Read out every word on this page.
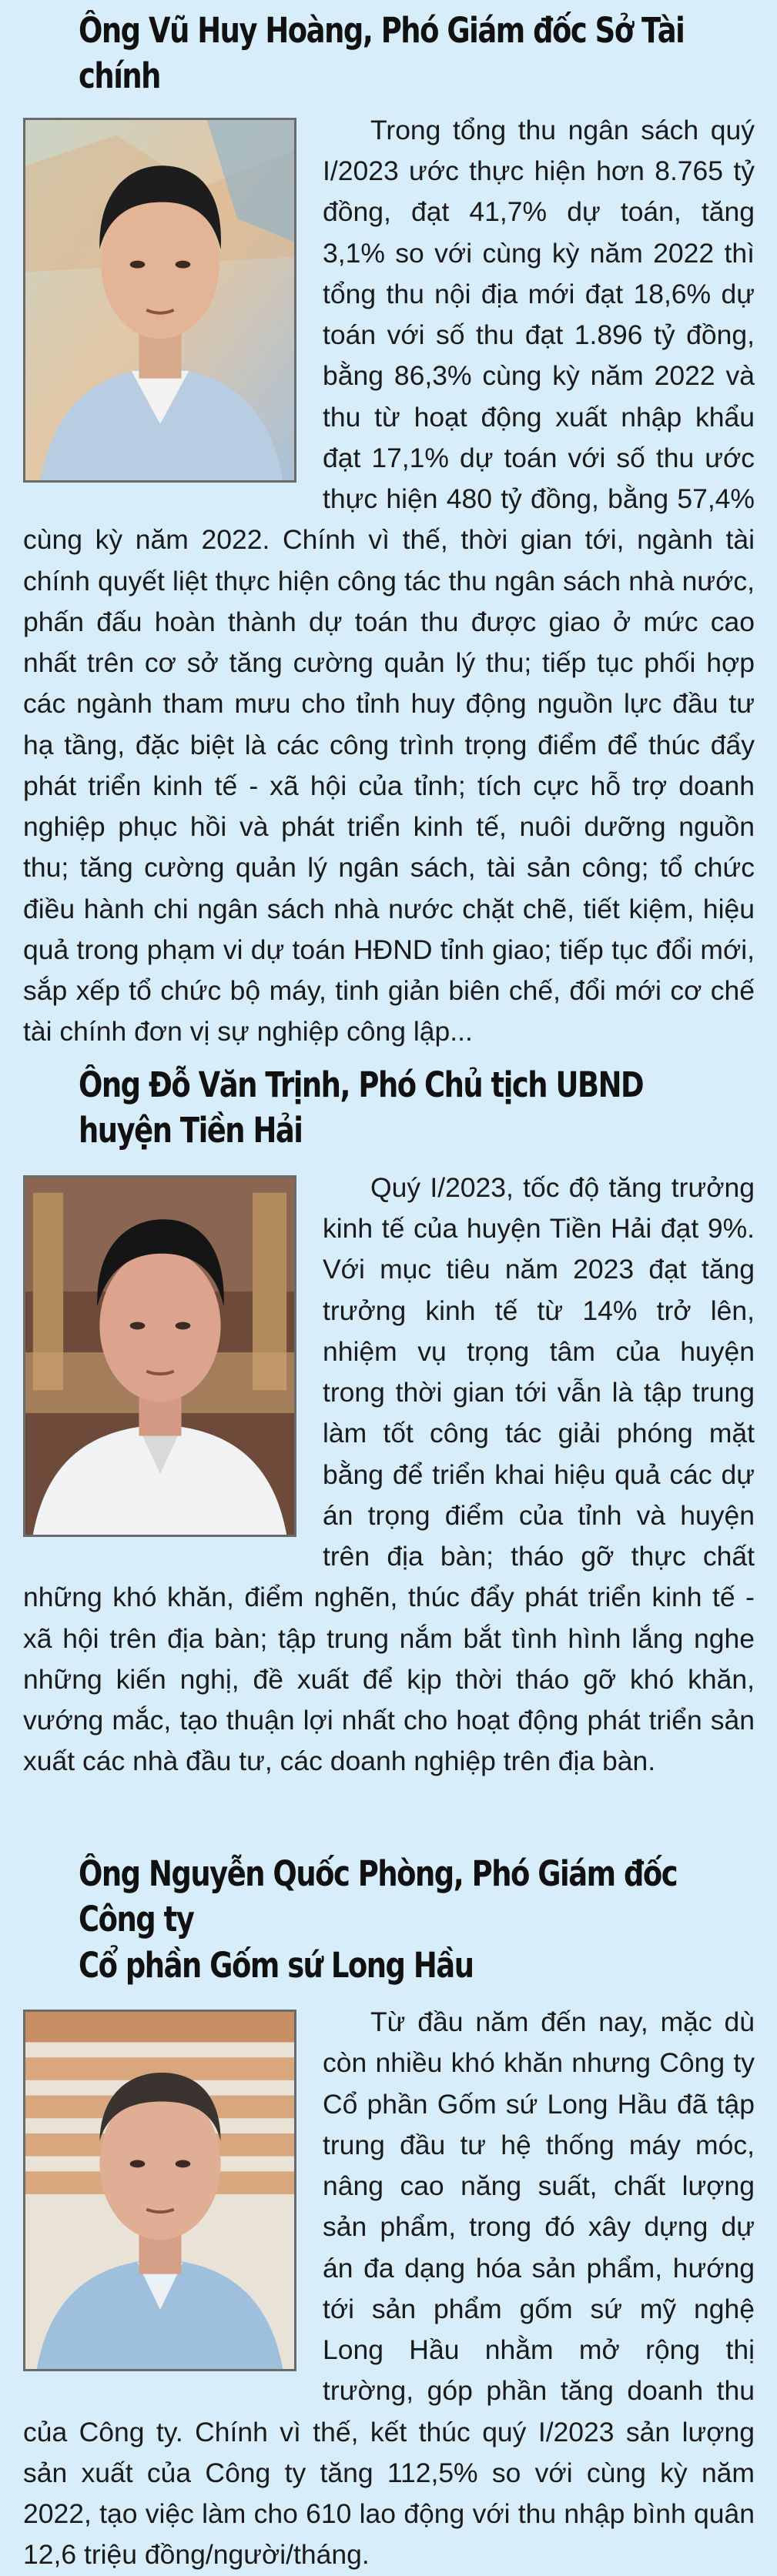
Ông Vũ Huy Hoàng, Phó Giám đốc Sở Tài chính

Trong tổng thu ngân sách quý I/2023 ước thực hiện hơn 8.765 tỷ đồng, đạt 41,7% dự toán, tăng 3,1% so với cùng kỳ năm 2022 thì tổng thu nội địa mới đạt 18,6% dự toán với số thu đạt 1.896 tỷ đồng, bằng 86,3% cùng kỳ năm 2022 và thu từ hoạt động xuất nhập khẩu đạt 17,1% dự toán với số thu ước thực hiện 480 tỷ đồng, bằng 57,4% cùng kỳ năm 2022. Chính vì thế, thời gian tới, ngành tài chính quyết liệt thực hiện công tác thu ngân sách nhà nước, phấn đấu hoàn thành dự toán thu được giao ở mức cao nhất trên cơ sở tăng cường quản lý thu; tiếp tục phối hợp các ngành tham mưu cho tỉnh huy động nguồn lực đầu tư hạ tầng, đặc biệt là các công trình trọng điểm để thúc đẩy phát triển kinh tế - xã hội của tỉnh; tích cực hỗ trợ doanh nghiệp phục hồi và phát triển kinh tế, nuôi dưỡng nguồn thu; tăng cường quản lý ngân sách, tài sản công; tổ chức điều hành chi ngân sách nhà nước chặt chẽ, tiết kiệm, hiệu quả trong phạm vi dự toán HĐND tỉnh giao; tiếp tục đổi mới, sắp xếp tổ chức bộ máy, tinh giản biên chế, đổi mới cơ chế tài chính đơn vị sự nghiệp công lập...

Ông Đỗ Văn Trịnh, Phó Chủ tịch UBND huyện Tiền Hải

Quý I/2023, tốc độ tăng trưởng kinh tế của huyện Tiền Hải đạt 9%. Với mục tiêu năm 2023 đạt tăng trưởng kinh tế từ 14% trở lên, nhiệm vụ trọng tâm của huyện trong thời gian tới vẫn là tập trung làm tốt công tác giải phóng mặt bằng để triển khai hiệu quả các dự án trọng điểm của tỉnh và huyện trên địa bàn; tháo gỡ thực chất những khó khăn, điểm nghẽn, thúc đẩy phát triển kinh tế - xã hội trên địa bàn; tập trung nắm bắt tình hình lắng nghe những kiến nghị, đề xuất để kịp thời tháo gỡ khó khăn, vướng mắc, tạo thuận lợi nhất cho hoạt động phát triển sản xuất các nhà đầu tư, các doanh nghiệp trên địa bàn.

Ông Nguyễn Quốc Phòng, Phó Giám đốc Công ty
Cổ phần Gốm sứ Long Hầu

Từ đầu năm đến nay, mặc dù còn nhiều khó khăn nhưng Công ty Cổ phần Gốm sứ Long Hầu đã tập trung đầu tư hệ thống máy móc, nâng cao năng suất, chất lượng sản phẩm, trong đó xây dựng dự án đa dạng hóa sản phẩm, hướng tới sản phẩm gốm sứ mỹ nghệ Long Hầu nhằm mở rộng thị trường, góp phần tăng doanh thu của Công ty. Chính vì thế, kết thúc quý I/2023 sản lượng sản xuất của Công ty tăng 112,5% so với cùng kỳ năm 2022, tạo việc làm cho 610 lao động với thu nhập bình quân 12,6 triệu đồng/người/tháng.
